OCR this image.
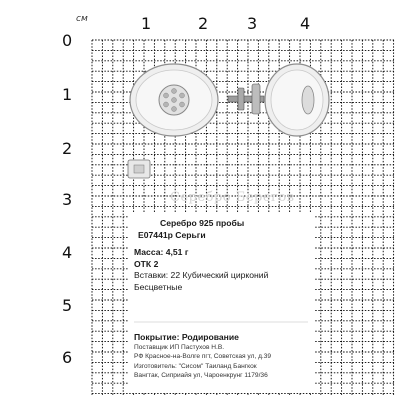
см	1	2 3	4
0
1
2
3
4
5
6
Серебро Берегов
Серебро 925 пробы
E07441р Серьги
Масса: 4,51 г
ОТК 2
Вставки: 22 Кубический цирконий
Бесцветные
Покрытие: Родирование
Поставщик ИП Пастухов Н.В.
РФ Красное-на-Волге пгт, Советская ул, д.39
Изготовитель: "Сисом" Таиланд Бангкок
Вангтак, Сиприайя ул, Чароенкрунг 1179/36
